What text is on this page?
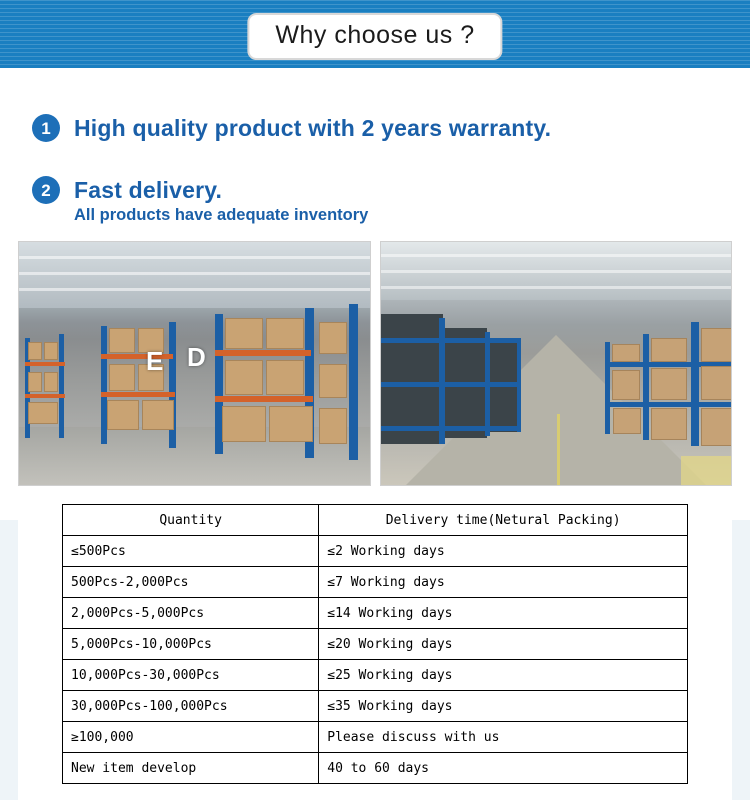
Why choose us ?
1	High quality product with 2 years warranty.
2	Fast delivery.
All products have adequate inventory
E D
Quantity	Delivery time(Netural Packing)
≤500Pcs	≤2 Working days
500Pcs-2,000Pcs	≤7 Working days
2,000Pcs-5,000Pcs	≤14 Working days
5,000Pcs-10,000Pcs	≤20 Working days
10,000Pcs-30,000Pcs	≤25 Working days
30,000Pcs-100,000Pcs	≤35 Working days
≥100,000	Please discuss with us
New item develop	40 to 60 days
